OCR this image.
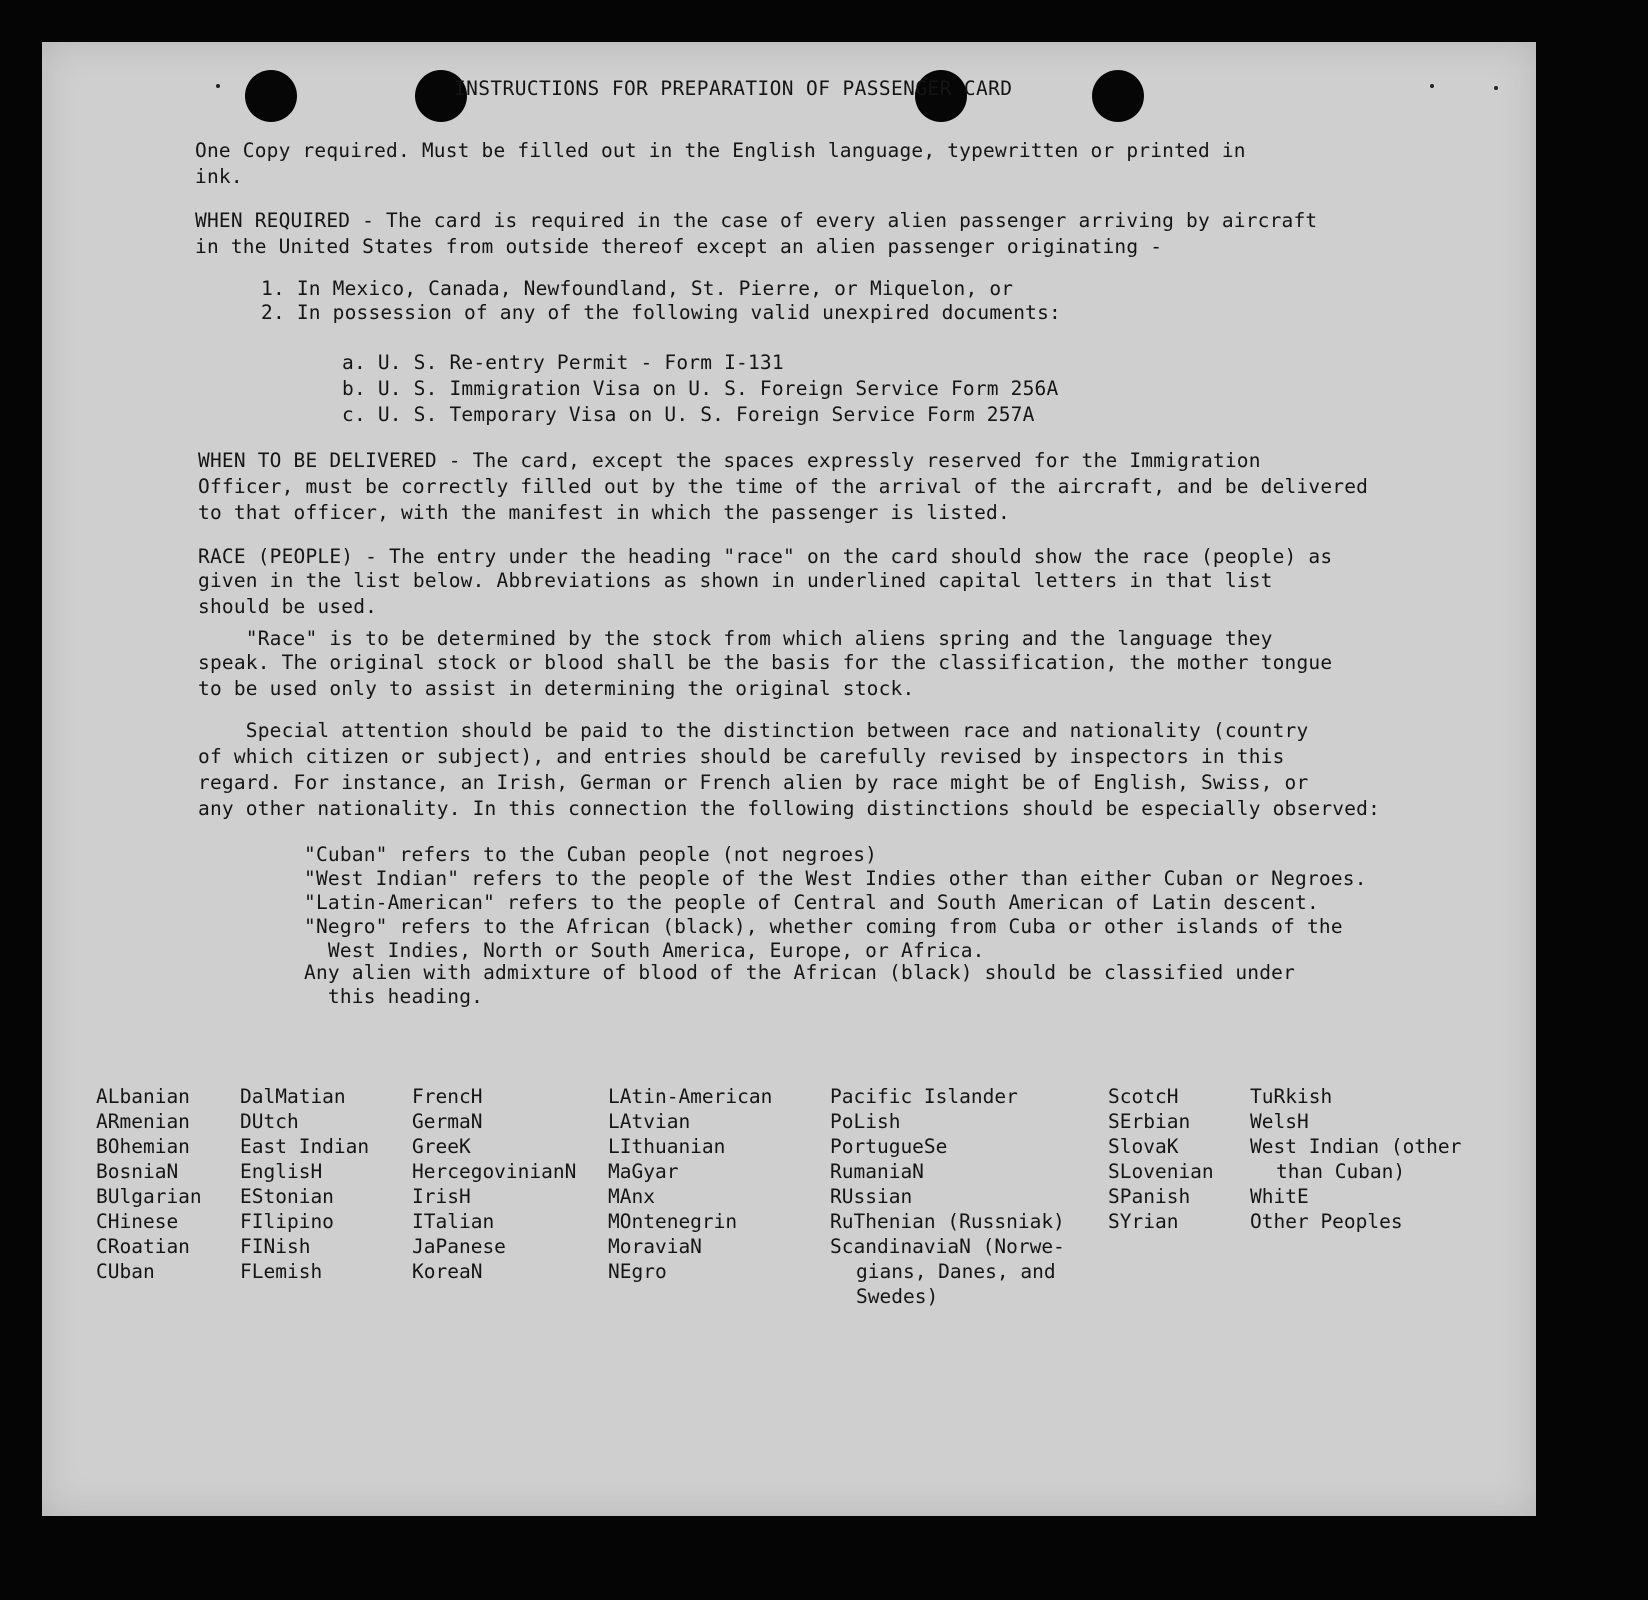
INSTRUCTIONS FOR PREPARATION OF PASSENGER CARD
One Copy required. Must be filled out in the English language, typewritten or printed in
ink.
WHEN REQUIRED - The card is required in the case of every alien passenger arriving by aircraft
in the United States from outside thereof except an alien passenger originating -
1. In Mexico, Canada, Newfoundland, St. Pierre, or Miquelon, or
2. In possession of any of the following valid unexpired documents:
a. U. S. Re-entry Permit - Form I-131
b. U. S. Immigration Visa on U. S. Foreign Service Form 256A
c. U. S. Temporary Visa on U. S. Foreign Service Form 257A
WHEN TO BE DELIVERED - The card, except the spaces expressly reserved for the Immigration
Officer, must be correctly filled out by the time of the arrival of the aircraft, and be delivered
to that officer, with the manifest in which the passenger is listed.
RACE (PEOPLE) - The entry under the heading "race" on the card should show the race (people) as
given in the list below. Abbreviations as shown in underlined capital letters in that list
should be used.
"Race" is to be determined by the stock from which aliens spring and the language they
speak. The original stock or blood shall be the basis for the classification, the mother tongue
to be used only to assist in determining the original stock.
Special attention should be paid to the distinction between race and nationality (country
of which citizen or subject), and entries should be carefully revised by inspectors in this
regard. For instance, an Irish, German or French alien by race might be of English, Swiss, or
any other nationality. In this connection the following distinctions should be especially observed:
"Cuban" refers to the Cuban people (not negroes)
"West Indian" refers to the people of the West Indies other than either Cuban or Negroes.
"Latin-American" refers to the people of Central and South American of Latin descent.
"Negro" refers to the African (black), whether coming from Cuba or other islands of the
West Indies, North or South America, Europe, or Africa.
Any alien with admixture of blood of the African (black) should be classified under
this heading.
ALbanian
ARmenian
BOhemian
BosniaN
BUlgarian
CHinese
CRoatian
CUban
DalMatian
DUtch
East Indian
EnglisH
EStonian
FIlipino
FINish
FLemish
FrencH
GermaN
GreeK
HercegovinianN
IrisH
ITalian
JaPanese
KoreaN
LAtin-American
LAtvian
LIthuanian
MaGyar
MAnx
MOntenegrin
MoraviaN
NEgro
Pacific Islander
PoLish
PortugueSe
RumaniaN
RUssian
RuThenian (Russniak)
ScandinaviaN (Norwe-
gians, Danes, and
Swedes)
ScotcH
SErbian
SlovaK
SLovenian
SPanish
SYrian
TuRkish
WelsH
West Indian (other
than Cuban)
WhitE
Other Peoples
